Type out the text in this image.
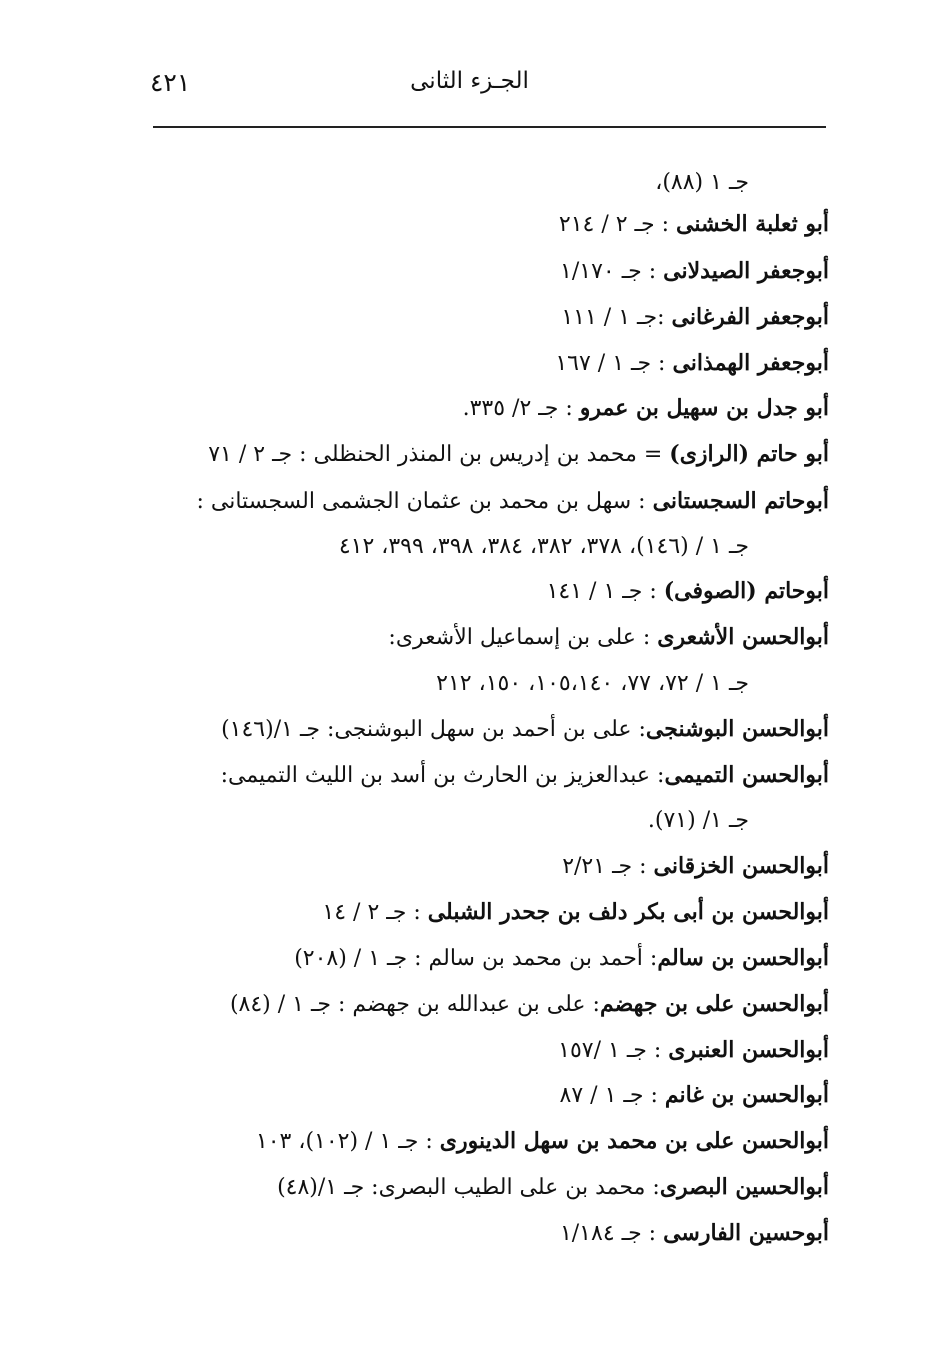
٤٢١	الجـزء الثانى
جـ ١ (٨٨)،
أبو ثعلبة الخشنى : جـ ٢ / ٢١٤
أبوجعفر الصيدلانى : جـ ١/١٧٠
أبوجعفر الفرغانى :جـ ١ / ١١١
أبوجعفر الهمذانى : جـ ١ / ١٦٧
أبو جدل بن سهيل بن عمرو : جـ ٢/ ٣٣٥.
أبو حاتم (الرازى) = محمد بن إدريس بن المنذر الحنظلى : جـ ٢ / ٧١
أبوحاتم السجستانى : سهل بن محمد بن عثمان الجشمى السجستانى :
جـ ١ / (١٤٦)، ٣٧٨، ٣٨٢، ٣٨٤، ٣٩٨، ٣٩٩، ٤١٢
أبوحاتم (الصوفى) : جـ ١ / ١٤١
أبوالحسن الأشعرى : على بن إسماعيل الأشعرى:
جـ ١ / ٧٢، ٧٧، ١٠٥،١٤٠، ١٥٠، ٢١٢
أبوالحسن البوشنجى: على بن أحمد بن سهل البوشنجى: جـ ١/(١٤٦)
أبوالحسن التميمى: عبدالعزيز بن الحارث بن أسد بن الليث التميمى:
جـ ١/ (٧١).
أبوالحسن الخزقانى : جـ ٢/٢١
أبوالحسن بن أبى بكر دلف بن جحدر الشبلى : جـ ٢ / ١٤
أبوالحسن بن سالم: أحمد بن محمد بن سالم : جـ ١ / (٢٠٨)
أبوالحسن على بن جهضم: على بن عبدالله بن جهضم : جـ ١ / (٨٤)
أبوالحسن العنبرى : جـ ١ /١٥٧
أبوالحسن بن غانم : جـ ١ / ٨٧
أبوالحسن على بن محمد بن سهل الدينورى : جـ ١ / (١٠٢)، ١٠٣
أبوالحسين البصرى: محمد بن على الطيب البصرى: جـ ١/(٤٨)
أبوحسين الفارسى : جـ ١/١٨٤
